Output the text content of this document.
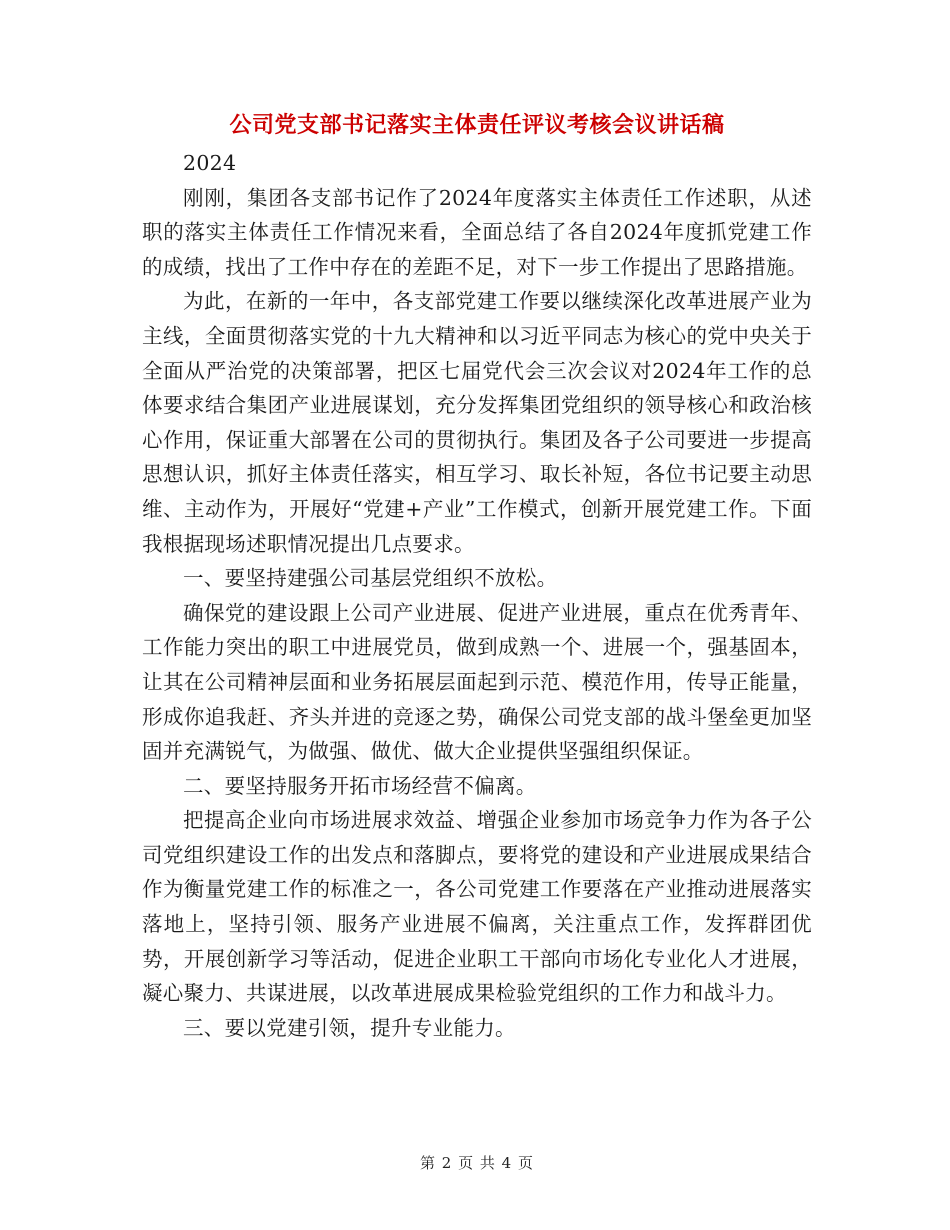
公司党支部书记落实主体责任评议考核会议讲话稿

2024

刚刚，集团各支部书记作了2024年度落实主体责任工作述职，从述职的落实主体责任工作情况来看，全面总结了各自2024年度抓党建工作的成绩，找出了工作中存在的差距不足，对下一步工作提出了思路措施。

为此，在新的一年中，各支部党建工作要以继续深化改革进展产业为主线，全面贯彻落实党的十九大精神和以习近平同志为核心的党中央关于全面从严治党的决策部署，把区七届党代会三次会议对2024年工作的总体要求结合集团产业进展谋划，充分发挥集团党组织的领导核心和政治核心作用，保证重大部署在公司的贯彻执行。集团及各子公司要进一步提高思想认识，抓好主体责任落实，相互学习、取长补短，各位书记要主动思维、主动作为，开展好“党建+产业”工作模式，创新开展党建工作。下面我根据现场述职情况提出几点要求。

一、要坚持建强公司基层党组织不放松。

确保党的建设跟上公司产业进展、促进产业进展，重点在优秀青年、工作能力突出的职工中进展党员，做到成熟一个、进展一个，强基固本，让其在公司精神层面和业务拓展层面起到示范、模范作用，传导正能量，形成你追我赶、齐头并进的竞逐之势，确保公司党支部的战斗堡垒更加坚固并充满锐气，为做强、做优、做大企业提供坚强组织保证。

二、要坚持服务开拓市场经营不偏离。

把提高企业向市场进展求效益、增强企业参加市场竞争力作为各子公司党组织建设工作的出发点和落脚点，要将党的建设和产业进展成果结合作为衡量党建工作的标准之一，各公司党建工作要落在产业推动进展落实落地上，坚持引领、服务产业进展不偏离，关注重点工作，发挥群团优势，开展创新学习等活动，促进企业职工干部向市场化专业化人才进展，凝心聚力、共谋进展，以改革进展成果检验党组织的工作力和战斗力。

三、要以党建引领，提升专业能力。

第 2 页 共 4 页
